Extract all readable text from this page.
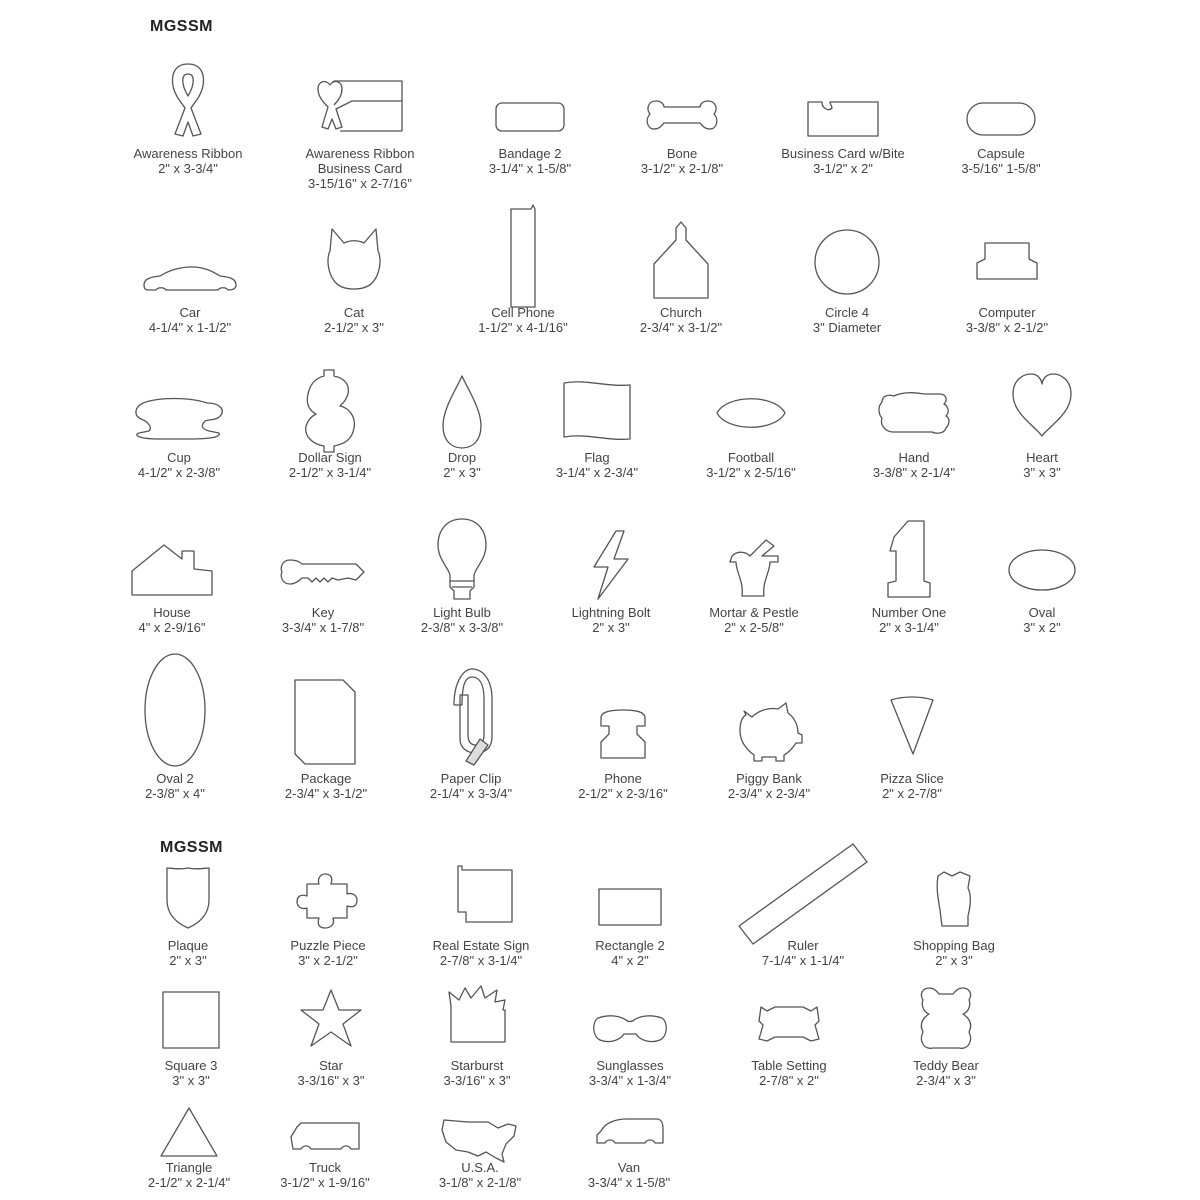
MGSSM
MGSSM
Awareness Ribbon
2" x 3-3/4"
Awareness Ribbon
Business Card
3-15/16" x 2-7/16"
Bandage 2
3-1/4" x 1-5/8"
Bone
3-1/2" x 2-1/8"
Business Card w/Bite
3-1/2" x 2"
Capsule
3-5/16" 1-5/8"
Car
4-1/4" x 1-1/2"
Cat
2-1/2" x 3"
Cell Phone
1-1/2" x 4-1/16"
Church
2-3/4" x 3-1/2"
Circle 4
3" Diameter
Computer
3-3/8" x 2-1/2"
Cup
4-1/2" x 2-3/8"
Dollar Sign
2-1/2" x 3-1/4"
Drop
2" x 3"
Flag
3-1/4" x 2-3/4"
Football
3-1/2" x 2-5/16"
Hand
3-3/8" x 2-1/4"
Heart
3" x 3"
House
4" x 2-9/16"
Key
3-3/4" x 1-7/8"
Light Bulb
2-3/8" x 3-3/8"
Lightning Bolt
2" x 3"
Mortar & Pestle
2" x 2-5/8"
Number One
2" x 3-1/4"
Oval
3" x 2"
Oval 2
2-3/8" x 4"
Package
2-3/4" x 3-1/2"
Paper Clip
2-1/4" x 3-3/4"
Phone
2-1/2" x 2-3/16"
Piggy Bank
2-3/4" x 2-3/4"
Pizza Slice
2" x 2-7/8"
Plaque
2" x 3"
Puzzle Piece
3" x 2-1/2"
Real Estate Sign
2-7/8" x 3-1/4"
Rectangle 2
4" x 2"
Ruler
7-1/4" x 1-1/4"
Shopping Bag
2" x 3"
Square 3
3" x 3"
Star
3-3/16" x 3"
Starburst
3-3/16" x 3"
Sunglasses
3-3/4" x 1-3/4"
Table Setting
2-7/8" x 2"
Teddy Bear
2-3/4" x 3"
Triangle
2-1/2" x 2-1/4"
Truck
3-1/2" x 1-9/16"
U.S.A.
3-1/8" x 2-1/8"
Van
3-3/4" x 1-5/8"
